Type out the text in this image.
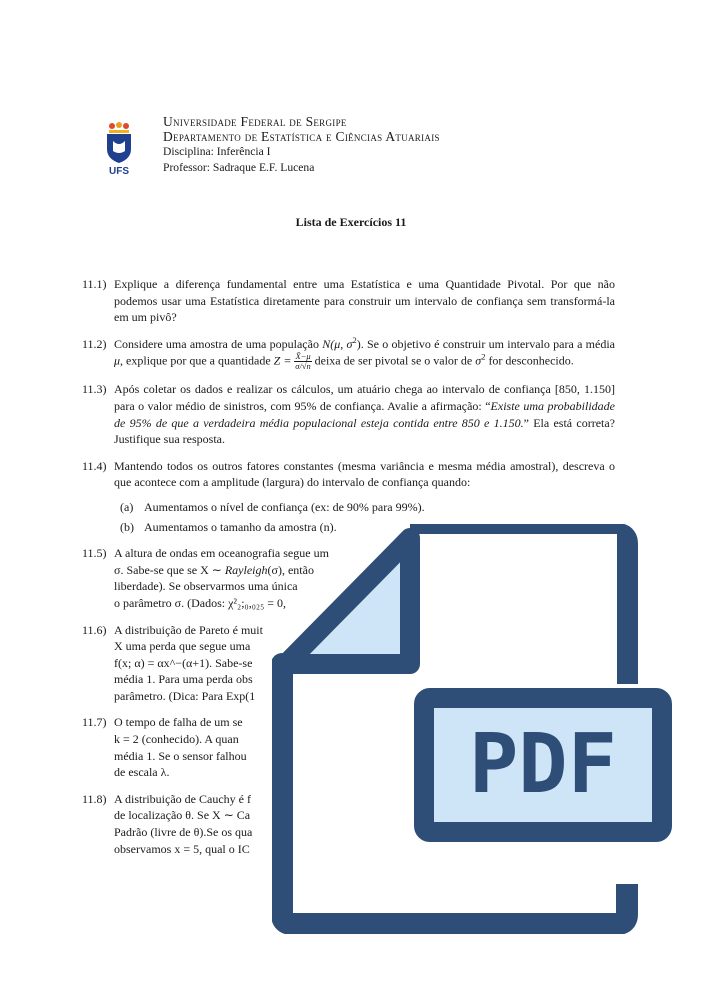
UFS
Universidade Federal de Sergipe
Departamento de Estatística e Ciências Atuariais
Disciplina: Inferência I
Professor: Sadraque E.F. Lucena
Lista de Exercícios 11
11.1) Explique a diferença fundamental entre uma Estatística e uma Quantidade Pivotal. Por que não podemos usar uma Estatística diretamente para construir um intervalo de confiança sem transformá-la em um pivô?
11.2) Considere uma amostra de uma população N(μ, $\sigma^2$). Se o objetivo é construir um intervalo para a média μ, explique por que a quantidade $Z = \frac{X̄-\mu}{\sigma/√n}$ deixa de ser pivotal se o valor de $\sigma^2$ for desconhecido.
11.3) Após coletar os dados e realizar os cálculos, um atuário chega ao intervalo de confiança [850, 1.150] para o valor médio de sinistros, com 95% de confiança. Avalie a afirmação: “Existe uma probabilidade de 95% de que a verdadeira média populacional esteja contida entre 850 e 1.150.” Ela está correta? Justifique sua resposta.
11.4) Mantendo todos os outros fatores constantes (mesma variância e mesma média amostral), descreva o que acontece com a amplitude (largura) do intervalo de confiança quando:
(a) Aumentamos o nível de confiança (ex: de 90% para 99%).
(b) Aumentamos o tamanho da amostra (n).
11.5) A altura de ondas em oceanografia segue um
σ. Sabe-se que se X ∼ Rayleigh(σ), então
liberdade). Se observarmos uma única
o parâmetro σ. (Dados: χ²₂;₀,₀₂₅ = 0,
11.6) A distribuição de Pareto é muit
X uma perda que segue uma
f(x; α) = αx^−(α+1). Sabe-se
média 1. Para uma perda obs
parâmetro. (Dica: Para Exp(1
11.7) O tempo de falha de um se
k = 2 (conhecido). A quan
média 1. Se o sensor falhou
de escala λ.
11.8) A distribuição de Cauchy é f
de localização θ. Se X ∼ Ca
Padrão (livre de θ).Se os qua
observamos x = 5, qual o IC
PDF
